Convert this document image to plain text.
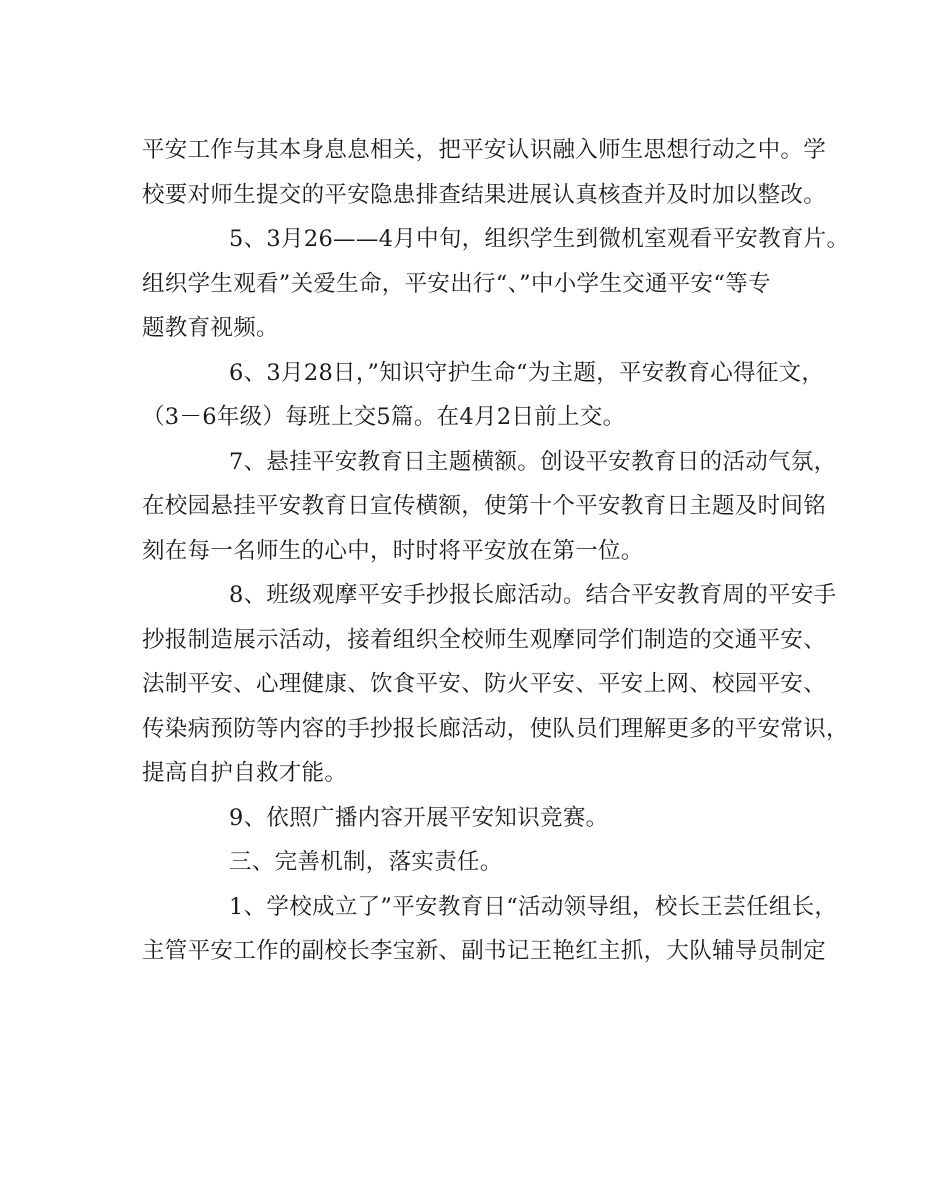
平安工作与其本身息息相关，把平安认识融入师生思想行动之中。学
校要对师生提交的平安隐患排查结果进展认真核查并及时加以整改。
5、3月26——4月中旬，组织学生到微机室观看平安教育片。
组织学生观看”关爱生命，平安出行“、”中小学生交通平安“等专
题教育视频。
6、3月28日，”知识守护生命“为主题，平安教育心得征文，
（3－6年级）每班上交5篇。在4月2日前上交。
7、悬挂平安教育日主题横额。创设平安教育日的活动气氛，
在校园悬挂平安教育日宣传横额，使第十个平安教育日主题及时间铭
刻在每一名师生的心中，时时将平安放在第一位。
8、班级观摩平安手抄报长廊活动。结合平安教育周的平安手
抄报制造展示活动，接着组织全校师生观摩同学们制造的交通平安、
法制平安、心理健康、饮食平安、防火平安、平安上网、校园平安、
传染病预防等内容的手抄报长廊活动，使队员们理解更多的平安常识，
提高自护自救才能。
9、依照广播内容开展平安知识竞赛。
三、完善机制，落实责任。
1、学校成立了”平安教育日“活动领导组，校长王芸任组长，
主管平安工作的副校长李宝新、副书记王艳红主抓，大队辅导员制定
